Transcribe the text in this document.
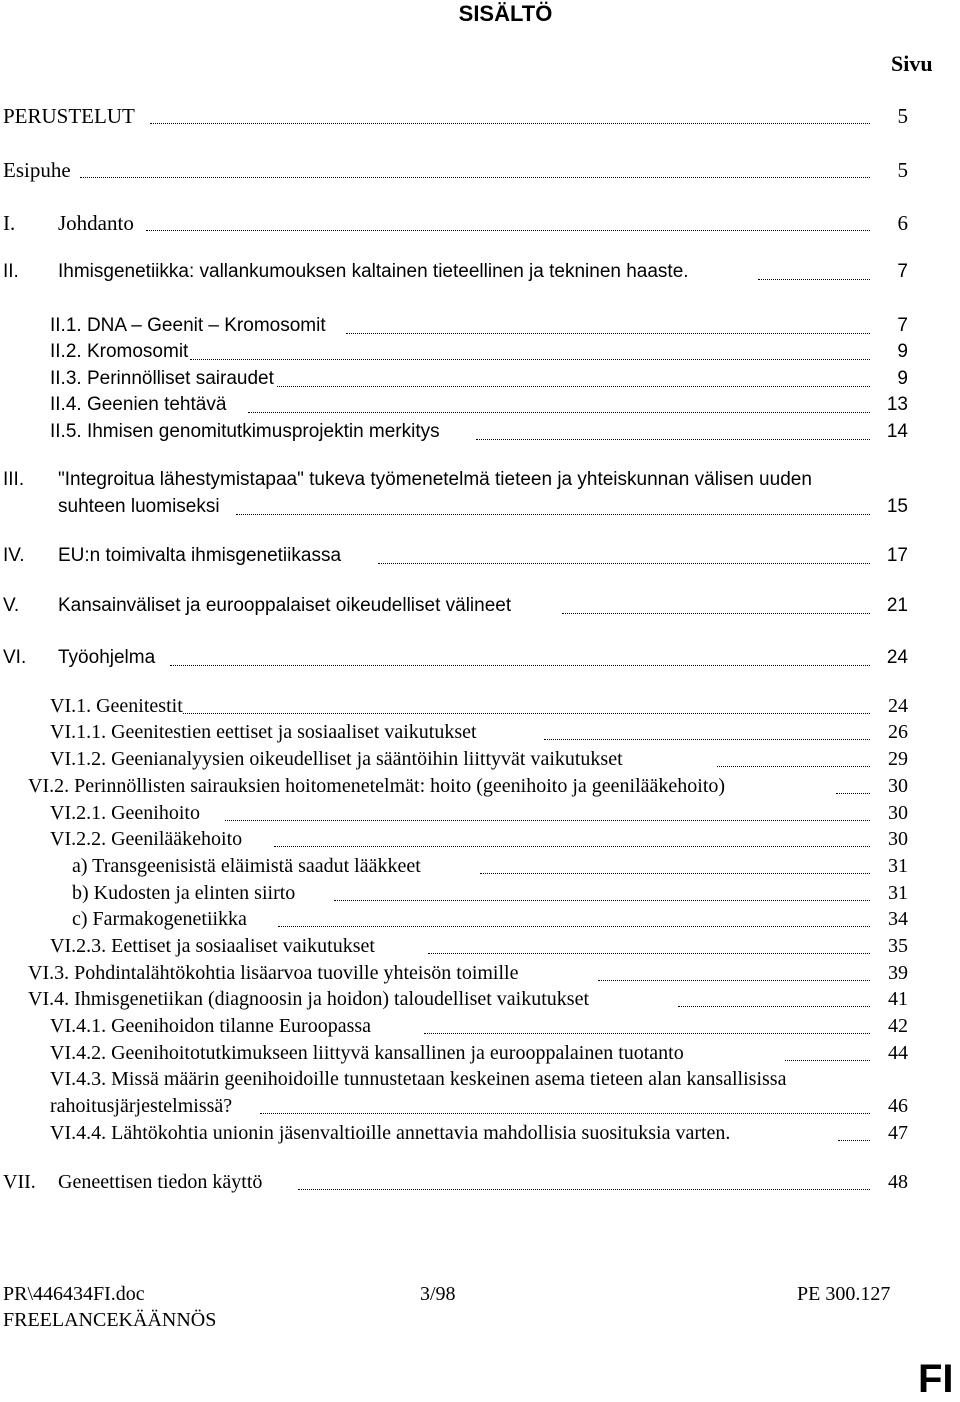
SISÄLTÖ
Sivu
PERUSTELUT	5
Esipuhe	5
I. Johdanto	6
II. Ihmisgenetiikka: vallankumouksen kaltainen tieteellinen ja tekninen haaste.	7
II.1. DNA – Geenit – Kromosomit	7
II.2. Kromosomit	9
II.3. Perinnölliset sairaudet	9
II.4. Geenien tehtävä	13
II.5. Ihmisen genomitutkimusprojektin merkitys	14
III. "Integroitua lähestymistapaa" tukeva työmenetelmä tieteen ja yhteiskunnan välisen uuden
suhteen luomiseksi	15
IV. EU:n toimivalta ihmisgenetiikassa	17
V. Kansainväliset ja eurooppalaiset oikeudelliset välineet	21
VI. Työohjelma	24
VI.1. Geenitestit	24
VI.1.1. Geenitestien eettiset ja sosiaaliset vaikutukset	26
VI.1.2. Geenianalyysien oikeudelliset ja sääntöihin liittyvät vaikutukset	29
VI.2. Perinnöllisten sairauksien hoitomenetelmät: hoito (geenihoito ja geenilääkehoito)	30
VI.2.1. Geenihoito	30
VI.2.2. Geenilääkehoito	30
a) Transgeenisistä eläimistä saadut lääkkeet	31
b) Kudosten ja elinten siirto	31
c) Farmakogenetiikka	34
VI.2.3. Eettiset ja sosiaaliset vaikutukset	35
VI.3. Pohdintalähtökohtia lisäarvoa tuoville yhteisön toimille	39
VI.4. Ihmisgenetiikan (diagnoosin ja hoidon) taloudelliset vaikutukset	41
VI.4.1. Geenihoidon tilanne Euroopassa	42
VI.4.2. Geenihoitotutkimukseen liittyvä kansallinen ja eurooppalainen tuotanto	44
VI.4.3. Missä määrin geenihoidoille tunnustetaan keskeinen asema tieteen alan kansallisissa
rahoitusjärjestelmissä?	46
VI.4.4. Lähtökohtia unionin jäsenvaltioille annettavia mahdollisia suosituksia varten.	47
VII. Geneettisen tiedon käyttö	48
PR\446434FI.doc	3/98	PE 300.127
FREELANCEKÄÄNNÖS
FI
